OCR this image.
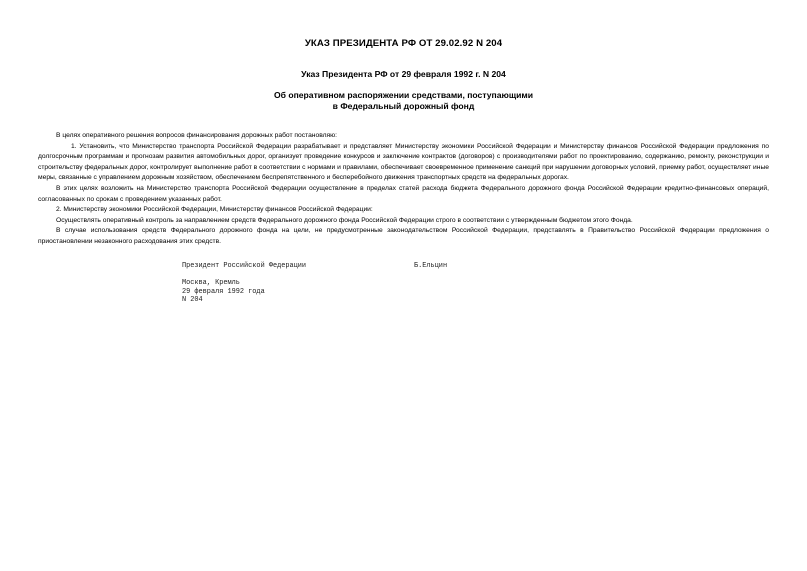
УКАЗ ПРЕЗИДЕНТА РФ ОТ 29.02.92 N 204
Указ Президента РФ от 29 февраля 1992 г. N 204
Об оперативном распоряжении средствами, поступающими
в Федеральный дорожный фонд

В целях оперативного решения вопросов финансирования дорожных работ постановляю:

1. Установить, что Министерство транспорта Российской Федерации разрабатывает и представляет Министерству экономики Российской Федерации и Министерству финансов Российской Федерации предложения по долгосрочным программам и прогнозам развития автомобильных дорог, организует проведение конкурсов и заключение контрактов (договоров) с производителями работ по проектированию, содержанию, ремонту, реконструкции и строительству федеральных дорог, контролирует выполнение работ в соответствии с нормами и правилами, обеспечивает своевременное применение санкций при нарушении договорных условий, приемку работ, осуществляет иные меры, связанные с управлением дорожным хозяйством, обеспечением беспрепятственного и бесперебойного движения транспортных средств на федеральных дорогах.

В этих целях возложить на Министерство транспорта Российской Федерации осуществление в пределах статей расхода бюджета Федерального дорожного фонда Российской Федерации кредитно-финансовых операций, согласованных по срокам с проведением указанных работ.

2. Министерству экономики Российской Федерации, Министерству финансов Российской Федерации:

Осуществлять оперативный контроль за направлением средств Федерального дорожного фонда Российской Федерации строго в соответствии с утвержденным бюджетом этого Фонда.

В случае использования средств Федерального дорожного фонда на цели, не предусмотренные законодательством Российской Федерации, представлять в Правительство Российской Федерации предложения о приостановлении незаконного расходования этих средств.

Президент Российской Федерации	Б.Ельцин
Москва, Кремль
29 февраля 1992 года
N 204
